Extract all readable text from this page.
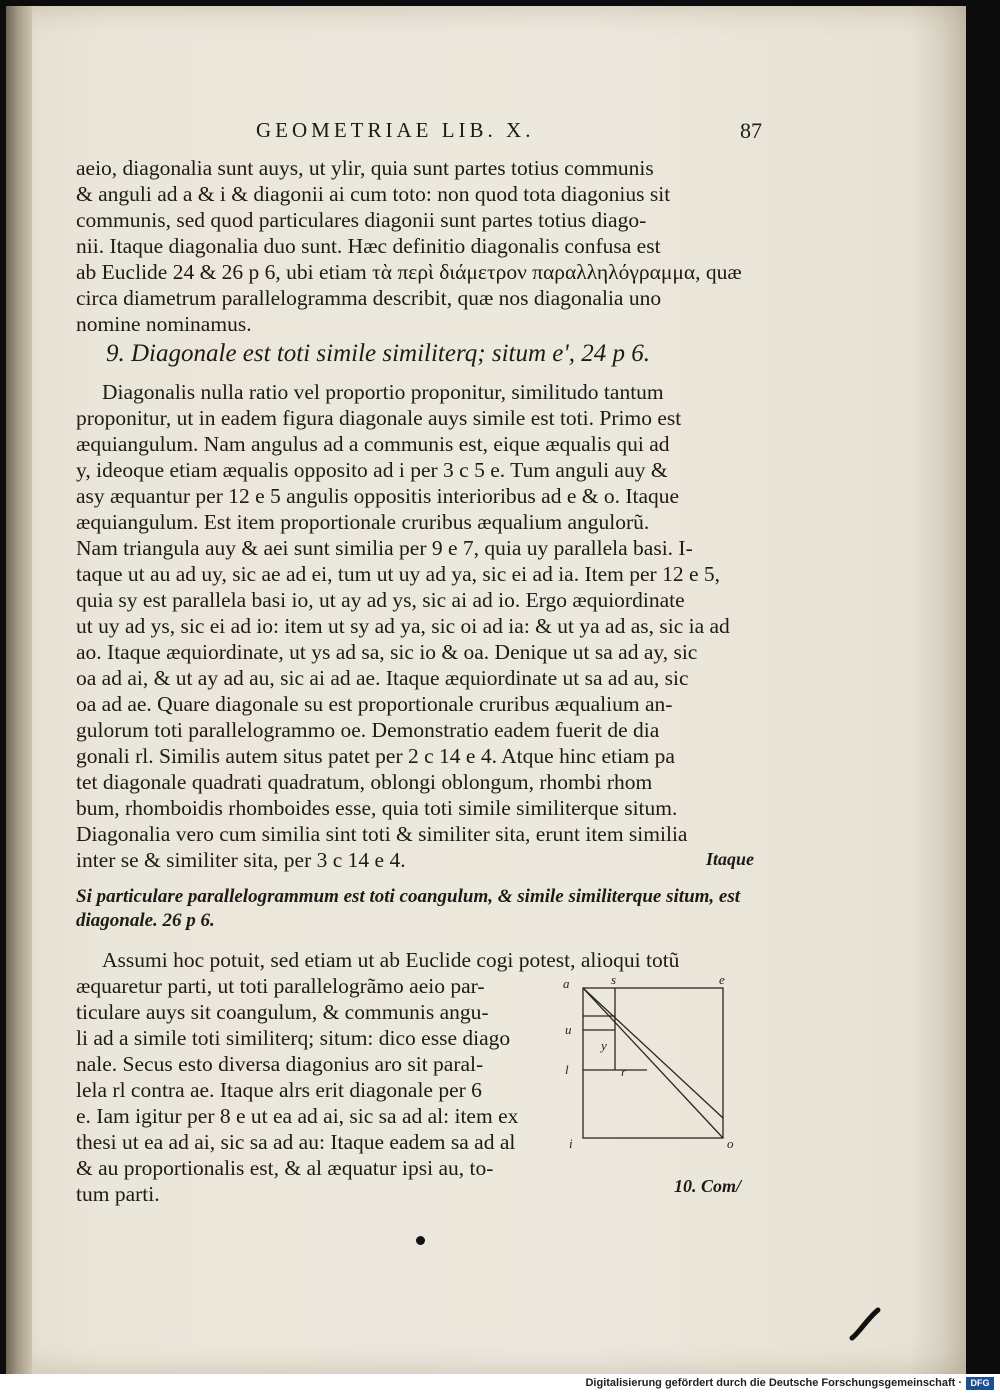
GEOMETRIAE LIB. X.	87
aeio, diagonalia sunt auys, ut ylir, quia sunt partes totius communis
& anguli ad a & i & diagonii ai cum toto: non quod tota diagonius sit
communis, sed quod particulares diagonii sunt partes totius diago-
nii. Itaque diagonalia duo sunt. Hæc definitio diagonalis confusa est
ab Euclide 24 & 26 p 6, ubi etiam τὰ περὶ διάμετρον παραλληλόγραμμα, quæ
circa diametrum parallelogramma describit, quæ nos diagonalia uno
nomine nominamus.
9. Diagonale est toti simile similiterq; situm e', 24 p 6.
Diagonalis nulla ratio vel proportio proponitur, similitudo tantum
proponitur, ut in eadem figura diagonale auys simile est toti. Primo est
æquiangulum. Nam angulus ad a communis est, eique æqualis qui ad
y, ideoque etiam æqualis opposito ad i per 3 c 5 e. Tum anguli auy &
asy æquantur per 12 e 5 angulis oppositis interioribus ad e & o. Itaque
æquiangulum. Est item proportionale cruribus æqualium angulorũ.
Nam triangula auy & aei sunt similia per 9 e 7, quia uy parallela basi. I-
taque ut au ad uy, sic ae ad ei, tum ut uy ad ya, sic ei ad ia. Item per 12 e 5,
quia sy est parallela basi io, ut ay ad ys, sic ai ad io. Ergo æquiordinate
ut uy ad ys, sic ei ad io: item ut sy ad ya, sic oi ad ia: & ut ya ad as, sic ia ad
ao. Itaque æquiordinate, ut ys ad sa, sic io & oa. Denique ut sa ad ay, sic
oa ad ai, & ut ay ad au, sic ai ad ae. Itaque æquiordinate ut sa ad au, sic
oa ad ae. Quare diagonale su est proportionale cruribus æqualium an-
gulorum toti parallelogrammo oe. Demonstratio eadem fuerit de dia
gonali rl. Similis autem situs patet per 2 c 14 e 4. Atque hinc etiam pa
tet diagonale quadrati quadratum, oblongi oblongum, rhombi rhom
bum, rhomboidis rhomboides esse, quia toti simile similiterque situm.
Diagonalia vero cum similia sint toti & similiter sita, erunt item similia
inter se & similiter sita, per 3 c 14 e 4.	Itaque
Si particulare parallelogrammum est toti coangulum, & simile similiterque situm, est
diagonale. 26 p 6.
Assumi hoc potuit, sed etiam ut ab Euclide cogi potest, alioqui totũ
æquaretur parti, ut toti parallelogrãmo aeio par-
ticulare auys sit coangulum, & communis angu-
li ad a simile toti similiterq; situm: dico esse diago
nale. Secus esto diversa diagonius aro sit paral-
lela rl contra ae. Itaque alrs erit diagonale per 6
e. Iam igitur per 8 e ut ea ad ai, sic sa ad al: item ex
thesi ut ea ad ai, sic sa ad au: Itaque eadem sa ad al
& au proportionalis est, & al æquatur ipsi au, to-
tum parti.
a	s	e
u
y
l	r
i	o
10. Com/
Digitalisierung gefördert durch die Deutsche Forschungsgemeinschaft · DFG
